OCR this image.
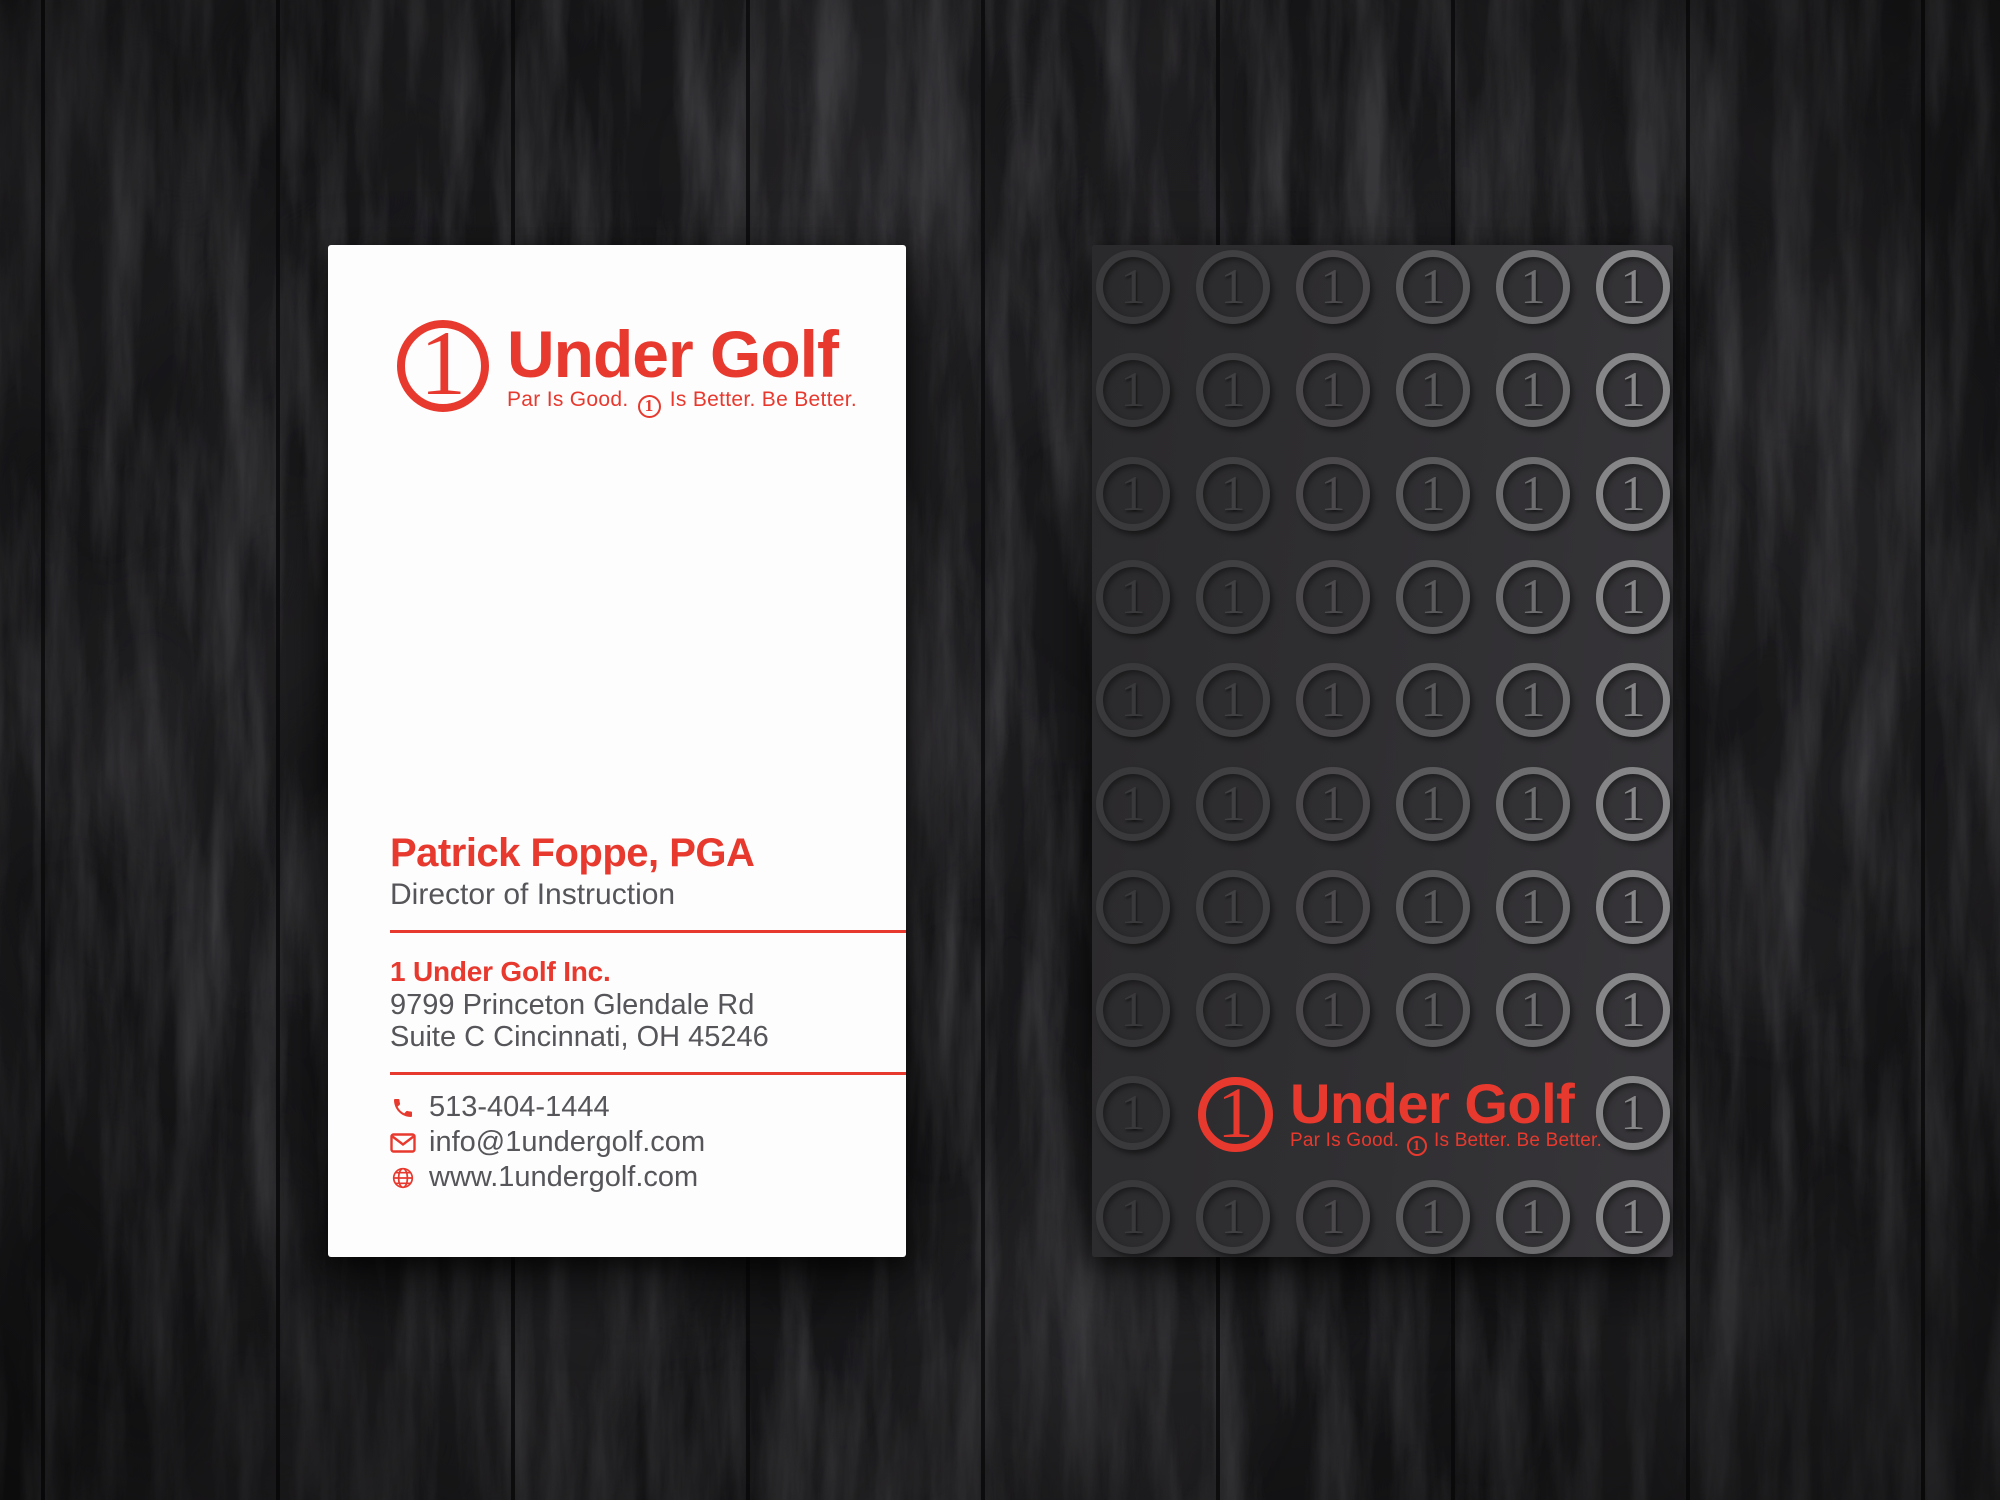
1 Under Golf
Par Is Good. 1 Is Better. Be Better.
Patrick Foppe, PGA
Director of Instruction
1 Under Golf Inc.
9799 Princeton Glendale Rd
Suite C Cincinnati, OH 45246
513-404-1444
info@1undergolf.com
www.1undergolf.com
1 1 1 1 1 1
1 1 1 1 1 1
1 1 1 1 1 1
1 1 1 1 1 1
1 1 1 1 1 1
1 1 1 1 1 1
1 1 1 1 1 1
1 1 1 1 1 1
1	1
1 1 1 1 1 1
1 Under Golf
Par Is Good. 1 Is Better. Be Better.
